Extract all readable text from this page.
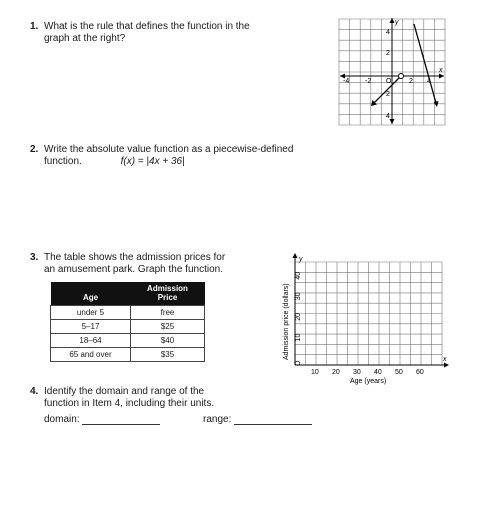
1. What is the rule that defines the function in the
graph at the right?
x
y
-4 -2 O	2 4
4
2
2
4
2. Write the absolute value function as a piecewise-defined
function.	f(x) = |4x + 36|
3. The table shows the admission prices for
an amusement park. Graph the function.
Age	Admission
Price

under 5	free
5–17	$25
18–64	$40
65 and over	$35
y
x
Admission price (dollars)
Age (years)
10 20 30 40 50 60
40
30
20
10
O
4. Identify the domain and range of the
function in Item 4, including their units.
domain:	range:
